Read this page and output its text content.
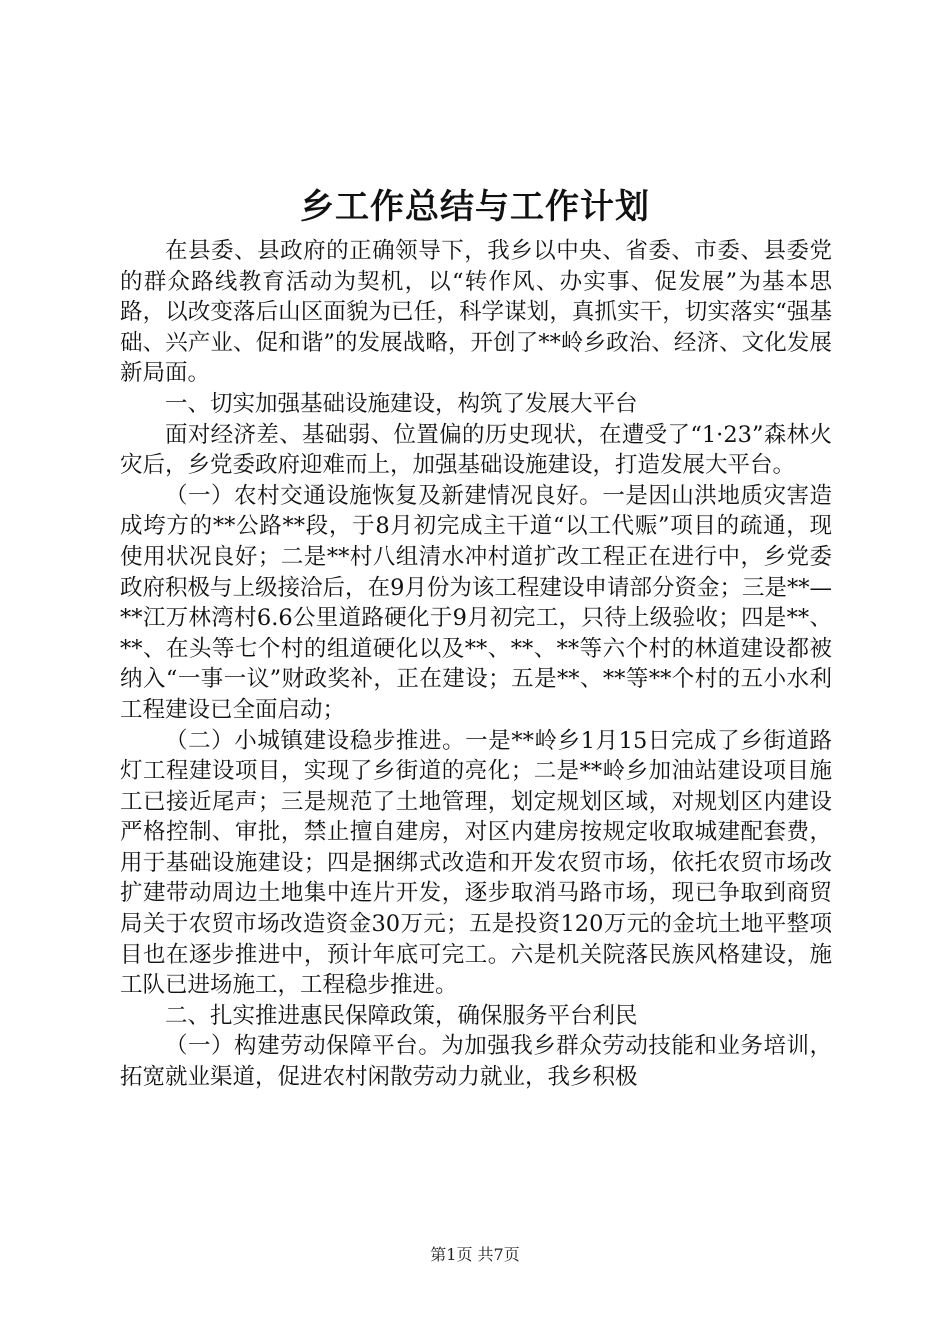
乡工作总结与工作计划

在县委、县政府的正确领导下，我乡以中央、省委、市委、县委党的群众路线教育活动为契机，以“转作风、办实事、促发展”为基本思路，以改变落后山区面貌为已任，科学谋划，真抓实干，切实落实“强基础、兴产业、促和谐”的发展战略，开创了**岭乡政治、经济、文化发展新局面。

一、切实加强基础设施建设，构筑了发展大平台

面对经济差、基础弱、位置偏的历史现状，在遭受了“1·23”森林火灾后，乡党委政府迎难而上，加强基础设施建设，打造发展大平台。

（一）农村交通设施恢复及新建情况良好。一是因山洪地质灾害造成垮方的**公路**段，于8月初完成主干道“以工代赈”项目的疏通，现使用状况良好；二是**村八组清水冲村道扩改工程正在进行中，乡党委政府积极与上级接洽后，在9月份为该工程建设申请部分资金；三是**—**江万林湾村6.6公里道路硬化于9月初完工，只待上级验收；四是**、**、在头等七个村的组道硬化以及**、**、**等六个村的林道建设都被纳入“一事一议”财政奖补，正在建设；五是**、**等**个村的五小水利工程建设已全面启动；

（二）小城镇建设稳步推进。一是**岭乡1月15日完成了乡街道路灯工程建设项目，实现了乡街道的亮化；二是**岭乡加油站建设项目施工已接近尾声；三是规范了土地管理，划定规划区域，对规划区内建设严格控制、审批，禁止擅自建房，对区内建房按规定收取城建配套费，用于基础设施建设；四是捆绑式改造和开发农贸市场，依托农贸市场改扩建带动周边土地集中连片开发，逐步取消马路市场，现已争取到商贸局关于农贸市场改造资金30万元；五是投资120万元的金坑土地平整项目也在逐步推进中，预计年底可完工。六是机关院落民族风格建设，施工队已进场施工，工程稳步推进。

二、扎实推进惠民保障政策，确保服务平台利民

（一）构建劳动保障平台。为加强我乡群众劳动技能和业务培训，拓宽就业渠道，促进农村闲散劳动力就业，我乡积极

第1页 共7页
